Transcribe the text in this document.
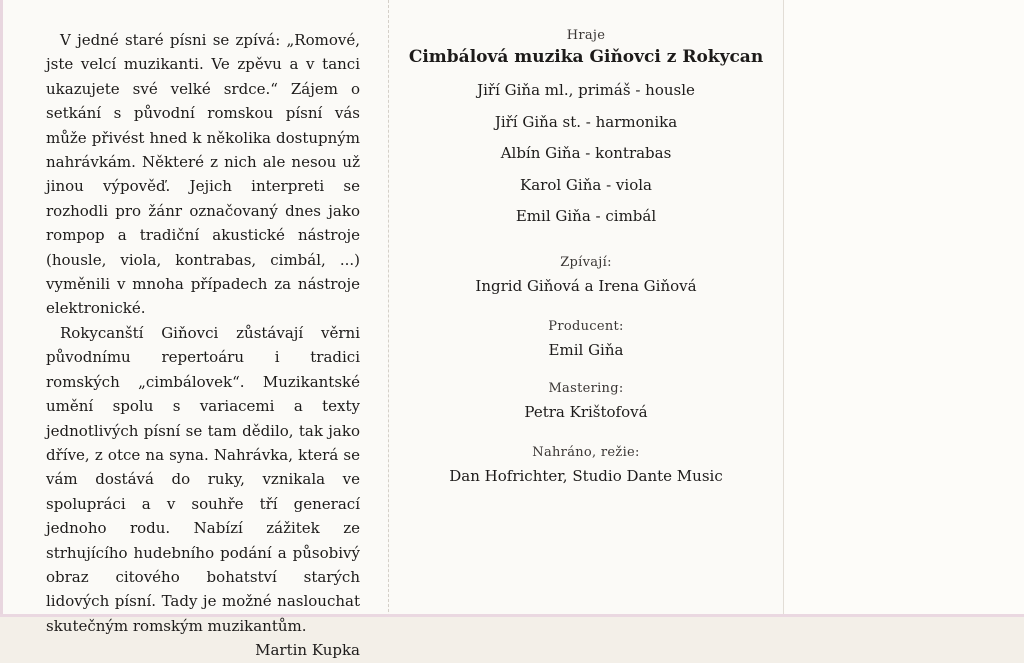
V jedné staré písni se zpívá: „Romové, jste velcí muzikanti. Ve zpěvu a v tanci ukazujete své velké srdce.“ Zájem o setkání s původní romskou písní vás může přivést hned k několika dostupným nahrávkám. Některé z nich ale nesou už jinou výpověď. Jejich interpreti se rozhodli pro žánr označovaný dnes jako rompop a tradiční akustické nástroje (housle, viola, kontrabas, cimbál, ...) vyměnili v mnoha případech za nástroje elektronické.

Rokycanští Giňovci zůstávají věrni původnímu repertoáru i tradici romských „cimbálovek“. Muzikantské umění spolu s variacemi a texty jednotlivých písní se tam dědilo, tak jako dříve, z otce na syna. Nahrávka, která se vám dostává do ruky, vznikala ve spolupráci a v souhře tří generací jednoho rodu. Nabízí zážitek ze strhujícího hudebního podání a působivý obraz citového bohatství starých lidových písní. Tady je možné naslouchat skutečným romským muzikantům.

Martin Kupka
Hraje
Cimbálová muzika Giňovci z Rokycan
Jiří Giňa ml., primáš - housle
Jiří Giňa st. - harmonika
Albín Giňa - kontrabas
Karol Giňa - viola
Emil Giňa - cimbál
Zpívají:
Ingrid Giňová a Irena Giňová
Producent:
Emil Giňa
Mastering:
Petra Krištofová
Nahráno, režie:
Dan Hofrichter, Studio Dante Music
